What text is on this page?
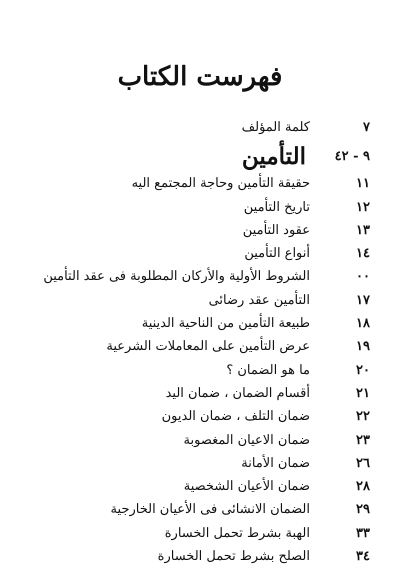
فهرست الكتاب
٧
كلمة المؤلف
٩ - ٤٢
التأمين
١١
حقيقة التأمين وحاجة المجتمع اليه
١٢
تاريخ التأمين
١٣
عقود التأمين
١٤
أنواع التأمين
٠٠
الشروط الأولية والأركان المطلوبة فى عقد التأمين
١٧
التأمين عقد رضائى
١٨
طبيعة التأمين من الناحية الدينية
١٩
عرض التأمين على المعاملات الشرعية
٢٠
ما هو الضمان ؟
٢١
أقسام الضمان ، ضمان اليد
٢٢
ضمان التلف ، ضمان الديون
٢٣
ضمان الاعيان المغصوبة
٢٦
ضمان الأمانة
٢٨
ضمان الأعيان الشخصية
٢٩
الضمان الانشائى فى الأعيان الخارجية
٣٣
الهبة بشرط تحمل الخسارة
٣٤
الصلح بشرط تحمل الخسارة
